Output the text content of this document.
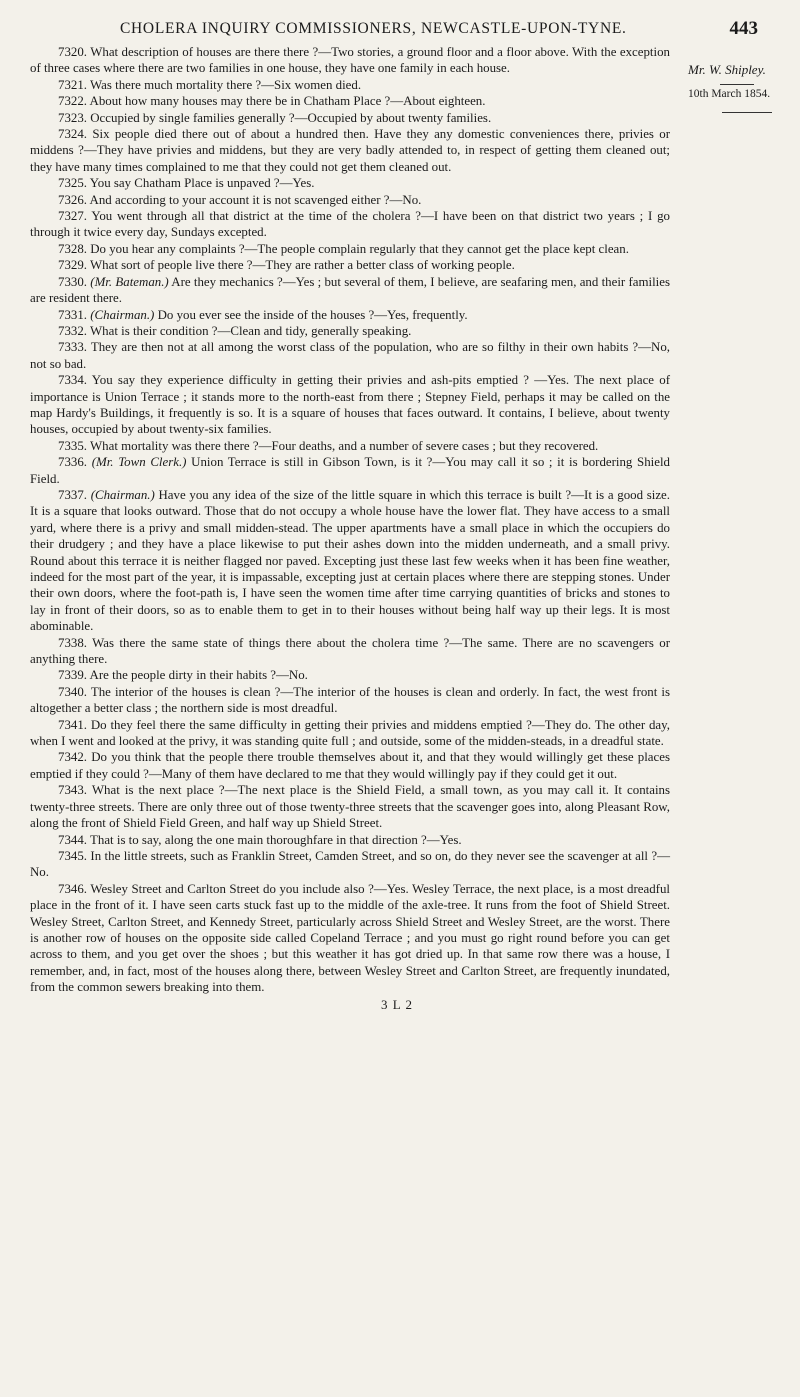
CHOLERA INQUIRY COMMISSIONERS, NEWCASTLE-UPON-TYNE.	443
Mr. W. Shipley.
10th March 1854.

7320. What description of houses are there there ?—Two stories, a ground floor and a floor above. With the exception of three cases where there are two families in one house, they have one family in each house.

7321. Was there much mortality there ?—Six women died.

7322. About how many houses may there be in Chatham Place ?—About eighteen.

7323. Occupied by single families generally ?—Occupied by about twenty families.

7324. Six people died there out of about a hundred then. Have they any domestic conveniences there, privies or middens ?—They have privies and middens, but they are very badly attended to, in respect of getting them cleaned out; they have many times complained to me that they could not get them cleaned out.

7325. You say Chatham Place is unpaved ?—Yes.

7326. And according to your account it is not scavenged either ?—No.

7327. You went through all that district at the time of the cholera ?—I have been on that district two years ; I go through it twice every day, Sundays excepted.

7328. Do you hear any complaints ?—The people complain regularly that they cannot get the place kept clean.

7329. What sort of people live there ?—They are rather a better class of working people.

7330. (Mr. Bateman.) Are they mechanics ?—Yes ; but several of them, I believe, are seafaring men, and their families are resident there.

7331. (Chairman.) Do you ever see the inside of the houses ?—Yes, frequently.

7332. What is their condition ?—Clean and tidy, generally speaking.

7333. They are then not at all among the worst class of the population, who are so filthy in their own habits ?—No, not so bad.

7334. You say they experience difficulty in getting their privies and ash-pits emptied ? —Yes. The next place of importance is Union Terrace ; it stands more to the north-east from there ; Stepney Field, perhaps it may be called on the map Hardy's Buildings, it frequently is so. It is a square of houses that faces outward. It contains, I believe, about twenty houses, occupied by about twenty-six families.

7335. What mortality was there there ?—Four deaths, and a number of severe cases ; but they recovered.

7336. (Mr. Town Clerk.) Union Terrace is still in Gibson Town, is it ?—You may call it so ; it is bordering Shield Field.

7337. (Chairman.) Have you any idea of the size of the little square in which this terrace is built ?—It is a good size. It is a square that looks outward. Those that do not occupy a whole house have the lower flat. They have access to a small yard, where there is a privy and small midden-stead. The upper apartments have a small place in which the occupiers do their drudgery ; and they have a place likewise to put their ashes down into the midden underneath, and a small privy. Round about this terrace it is neither flagged nor paved. Excepting just these last few weeks when it has been fine weather, indeed for the most part of the year, it is impassable, excepting just at certain places where there are stepping stones. Under their own doors, where the foot-path is, I have seen the women time after time carrying quantities of bricks and stones to lay in front of their doors, so as to enable them to get in to their houses without being half way up their legs. It is most abominable.

7338. Was there the same state of things there about the cholera time ?—The same. There are no scavengers or anything there.

7339. Are the people dirty in their habits ?—No.

7340. The interior of the houses is clean ?—The interior of the houses is clean and orderly. In fact, the west front is altogether a better class ; the northern side is most dreadful.

7341. Do they feel there the same difficulty in getting their privies and middens emptied ?—They do. The other day, when I went and looked at the privy, it was standing quite full ; and outside, some of the midden-steads, in a dreadful state.

7342. Do you think that the people there trouble themselves about it, and that they would willingly get these places emptied if they could ?—Many of them have declared to me that they would willingly pay if they could get it out.

7343. What is the next place ?—The next place is the Shield Field, a small town, as you may call it. It contains twenty-three streets. There are only three out of those twenty-three streets that the scavenger goes into, along Pleasant Row, along the front of Shield Field Green, and half way up Shield Street.

7344. That is to say, along the one main thoroughfare in that direction ?—Yes.

7345. In the little streets, such as Franklin Street, Camden Street, and so on, do they never see the scavenger at all ?—No.

7346. Wesley Street and Carlton Street do you include also ?—Yes. Wesley Terrace, the next place, is a most dreadful place in the front of it. I have seen carts stuck fast up to the middle of the axle-tree. It runs from the foot of Shield Street. Wesley Street, Carlton Street, and Kennedy Street, particularly across Shield Street and Wesley Street, are the worst. There is another row of houses on the opposite side called Copeland Terrace ; and you must go right round before you can get across to them, and you get over the shoes ; but this weather it has got dried up. In that same row there was a house, I remember, and, in fact, most of the houses along there, between Wesley Street and Carlton Street, are frequently inundated, from the common sewers breaking into them.

3 L 2
